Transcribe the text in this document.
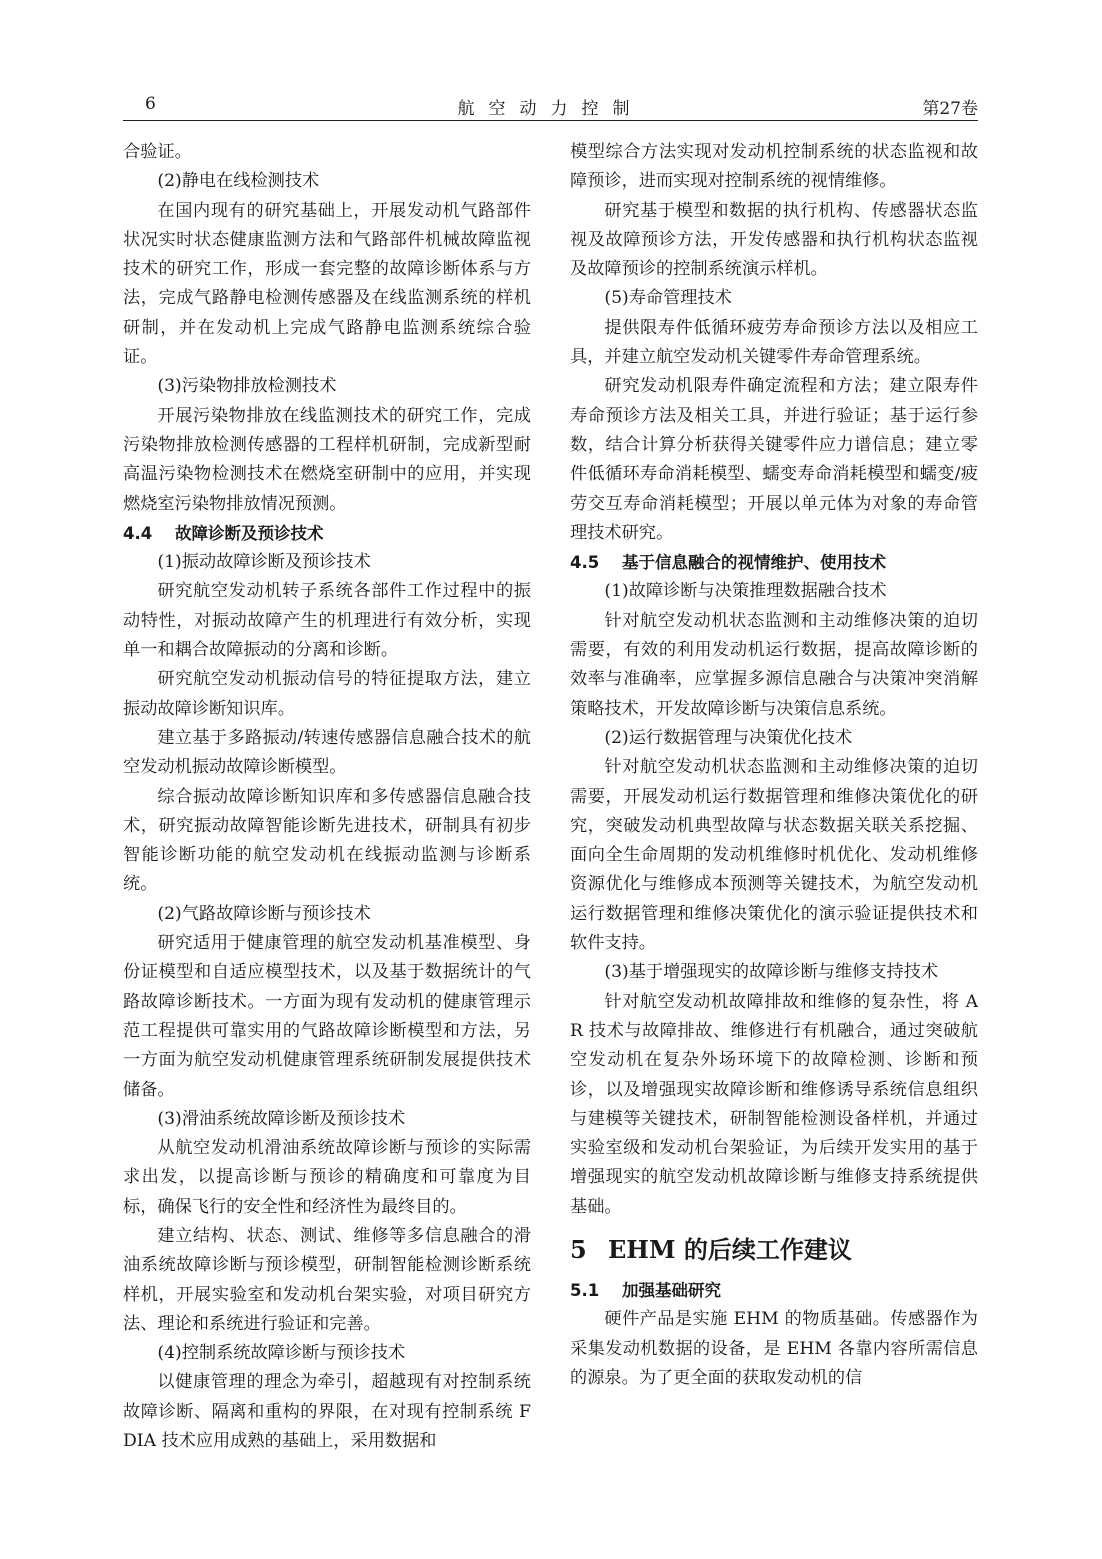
6	航空动力控制	第27卷

合验证。

(2)静电在线检测技术

在国内现有的研究基础上，开展发动机气路部件状况实时状态健康监测方法和气路部件机械故障监视技术的研究工作，形成一套完整的故障诊断体系与方法，完成气路静电检测传感器及在线监测系统的样机研制，并在发动机上完成气路静电监测系统综合验证。

(3)污染物排放检测技术

开展污染物排放在线监测技术的研究工作，完成污染物排放检测传感器的工程样机研制，完成新型耐高温污染物检测技术在燃烧室研制中的应用，并实现燃烧室污染物排放情况预测。

4.4 故障诊断及预诊技术

(1)振动故障诊断及预诊技术

研究航空发动机转子系统各部件工作过程中的振动特性，对振动故障产生的机理进行有效分析，实现单一和耦合故障振动的分离和诊断。

研究航空发动机振动信号的特征提取方法，建立振动故障诊断知识库。

建立基于多路振动/转速传感器信息融合技术的航空发动机振动故障诊断模型。

综合振动故障诊断知识库和多传感器信息融合技术，研究振动故障智能诊断先进技术，研制具有初步智能诊断功能的航空发动机在线振动监测与诊断系统。

(2)气路故障诊断与预诊技术

研究适用于健康管理的航空发动机基准模型、身份证模型和自适应模型技术，以及基于数据统计的气路故障诊断技术。一方面为现有发动机的健康管理示范工程提供可靠实用的气路故障诊断模型和方法，另一方面为航空发动机健康管理系统研制发展提供技术储备。

(3)滑油系统故障诊断及预诊技术

从航空发动机滑油系统故障诊断与预诊的实际需求出发，以提高诊断与预诊的精确度和可靠度为目标，确保飞行的安全性和经济性为最终目的。

建立结构、状态、测试、维修等多信息融合的滑油系统故障诊断与预诊模型，研制智能检测诊断系统样机，开展实验室和发动机台架实验，对项目研究方法、理论和系统进行验证和完善。

(4)控制系统故障诊断与预诊技术

以健康管理的理念为牵引，超越现有对控制系统故障诊断、隔离和重构的界限，在对现有控制系统 FDIA 技术应用成熟的基础上，采用数据和

模型综合方法实现对发动机控制系统的状态监视和故障预诊，进而实现对控制系统的视情维修。

研究基于模型和数据的执行机构、传感器状态监视及故障预诊方法，开发传感器和执行机构状态监视及故障预诊的控制系统演示样机。

(5)寿命管理技术

提供限寿件低循环疲劳寿命预诊方法以及相应工具，并建立航空发动机关键零件寿命管理系统。

研究发动机限寿件确定流程和方法；建立限寿件寿命预诊方法及相关工具，并进行验证；基于运行参数，结合计算分析获得关键零件应力谱信息；建立零件低循环寿命消耗模型、蠕变寿命消耗模型和蠕变/疲劳交互寿命消耗模型；开展以单元体为对象的寿命管理技术研究。

4.5 基于信息融合的视情维护、使用技术

(1)故障诊断与决策推理数据融合技术

针对航空发动机状态监测和主动维修决策的迫切需要，有效的利用发动机运行数据，提高故障诊断的效率与准确率，应掌握多源信息融合与决策冲突消解策略技术，开发故障诊断与决策信息系统。

(2)运行数据管理与决策优化技术

针对航空发动机状态监测和主动维修决策的迫切需要，开展发动机运行数据管理和维修决策优化的研究，突破发动机典型故障与状态数据关联关系挖掘、面向全生命周期的发动机维修时机优化、发动机维修资源优化与维修成本预测等关键技术，为航空发动机运行数据管理和维修决策优化的演示验证提供技术和软件支持。

(3)基于增强现实的故障诊断与维修支持技术

针对航空发动机故障排故和维修的复杂性，将 AR 技术与故障排故、维修进行有机融合，通过突破航空发动机在复杂外场环境下的故障检测、诊断和预诊，以及增强现实故障诊断和维修诱导系统信息组织与建模等关键技术，研制智能检测设备样机，并通过实验室级和发动机台架验证，为后续开发实用的基于增强现实的航空发动机故障诊断与维修支持系统提供基础。

5 EHM 的后续工作建议
5.1 加强基础研究

硬件产品是实施 EHM 的物质基础。传感器作为采集发动机数据的设备，是 EHM 各靠内容所需信息的源泉。为了更全面的获取发动机的信
